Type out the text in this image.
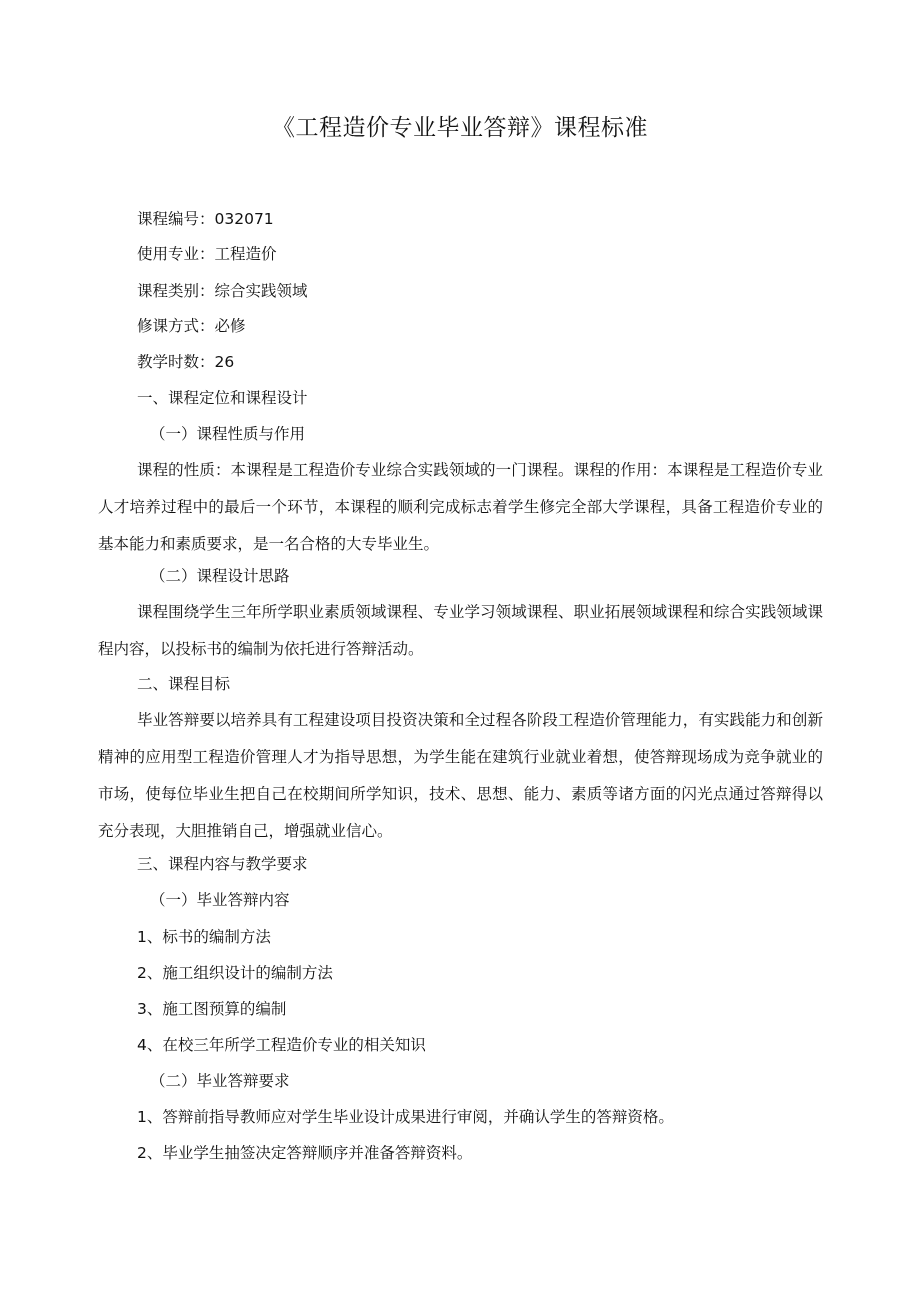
《工程造价专业毕业答辩》课程标准
课程编号：032071
使用专业：工程造价
课程类别：综合实践领域
修课方式：必修
教学时数：26
一、课程定位和课程设计
（一）课程性质与作用
课程的性质：本课程是工程造价专业综合实践领域的一门课程。课程的作用：本课程是工程造价专业人才培养过程中的最后一个环节，本课程的顺利完成标志着学生修完全部大学课程，具备工程造价专业的基本能力和素质要求，是一名合格的大专毕业生。
（二）课程设计思路
课程围绕学生三年所学职业素质领域课程、专业学习领域课程、职业拓展领域课程和综合实践领域课程内容，以投标书的编制为依托进行答辩活动。
二、课程目标
毕业答辩要以培养具有工程建设项目投资决策和全过程各阶段工程造价管理能力，有实践能力和创新精神的应用型工程造价管理人才为指导思想，为学生能在建筑行业就业着想，使答辩现场成为竞争就业的市场，使每位毕业生把自己在校期间所学知识，技术、思想、能力、素质等诸方面的闪光点通过答辩得以充分表现，大胆推销自己，增强就业信心。
三、课程内容与教学要求
（一）毕业答辩内容
1、标书的编制方法
2、施工组织设计的编制方法
3、施工图预算的编制
4、在校三年所学工程造价专业的相关知识
（二）毕业答辩要求
1、答辩前指导教师应对学生毕业设计成果进行审阅，并确认学生的答辩资格。
2、毕业学生抽签决定答辩顺序并准备答辩资料。
